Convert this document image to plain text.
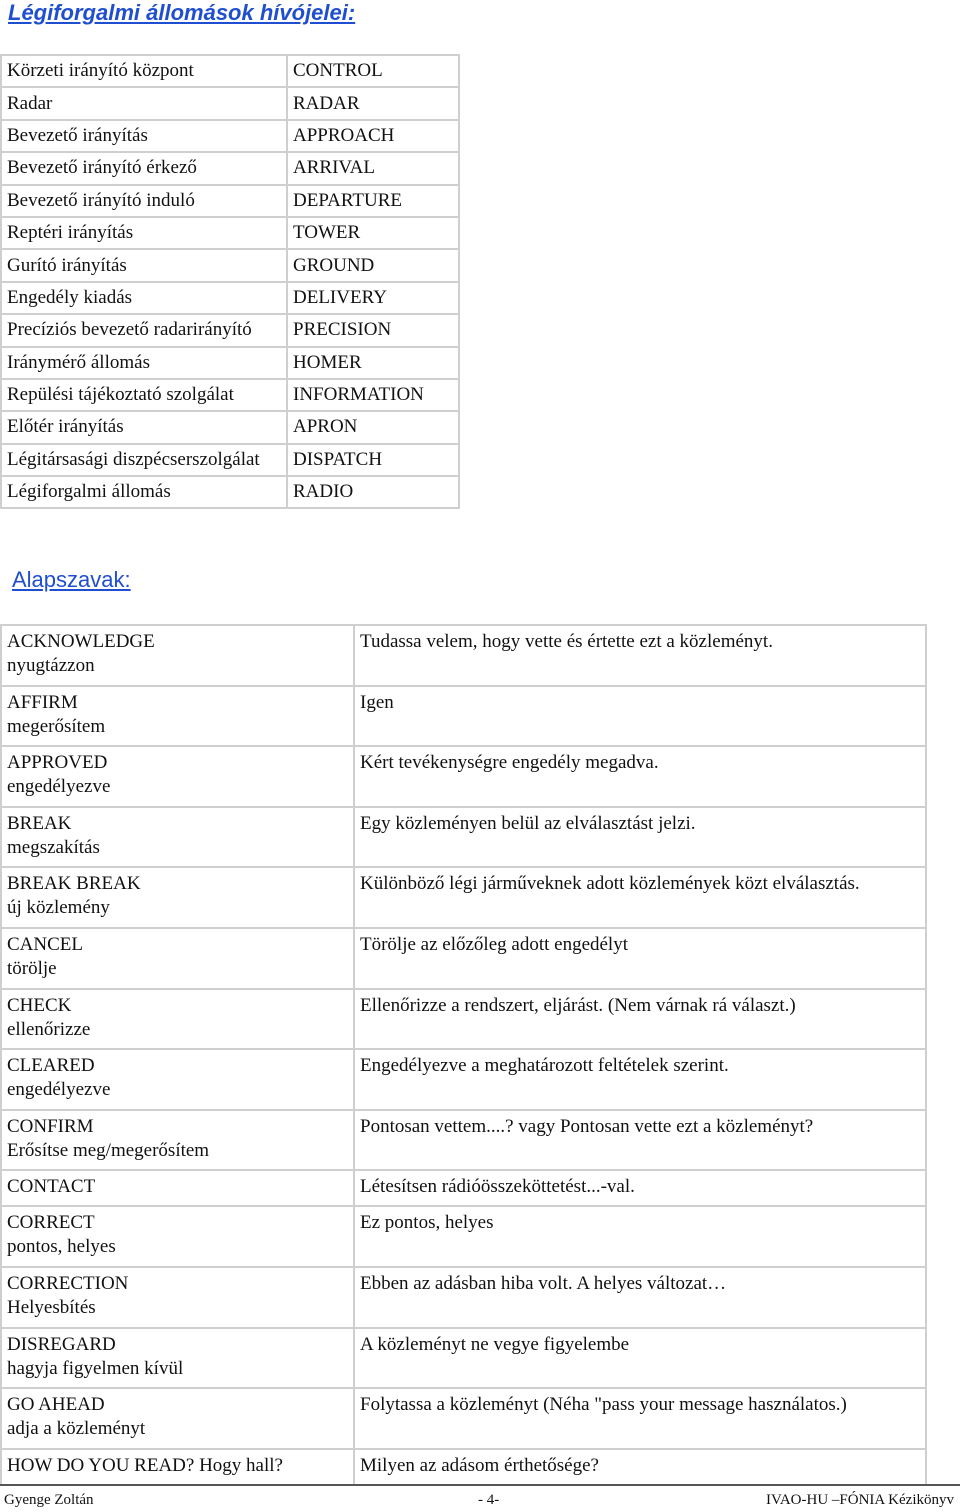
Légiforgalmi állomások hívójelei:
Körzeti irányító központ	CONTROL
Radar	RADAR
Bevezető irányítás	APPROACH
Bevezető irányító érkező	ARRIVAL
Bevezető irányító induló	DEPARTURE
Reptéri irányítás	TOWER
Gurító irányítás	GROUND
Engedély kiadás	DELIVERY
Precíziós bevezető radarirányító	PRECISION
Iránymérő állomás	HOMER
Repülési tájékoztató szolgálat	INFORMATION
Előtér irányítás	APRON
Légitársasági diszpécserszolgálat	DISPATCH
Légiforgalmi állomás	RADIO
Alapszavak:
ACKNOWLEDGE
nyugtázzon	Tudassa velem, hogy vette és értette ezt a közleményt.

AFFIRM
megerősítem	Igen

APPROVED
engedélyezve	Kért tevékenységre engedély megadva.

BREAK
megszakítás	Egy közleményen belül az elválasztást jelzi.

BREAK BREAK
új közlemény	Különböző légi járműveknek adott közlemények közt elválasztás.

CANCEL
törölje	Törölje az előzőleg adott engedélyt

CHECK
ellenőrizze	Ellenőrizze a rendszert, eljárást. (Nem várnak rá választ.)

CLEARED
engedélyezve	Engedélyezve a meghatározott feltételek szerint.

CONFIRM
Erősítse meg/megerősítem	Pontosan vettem....? vagy Pontosan vette ezt a közleményt?

CONTACT	Létesítsen rádióösszeköttetést...-val.

CORRECT
pontos, helyes	Ez pontos, helyes

CORRECTION
Helyesbítés	Ebben az adásban hiba volt. A helyes változat…

DISREGARD
hagyja figyelmen kívül	A közleményt ne vegye figyelembe

GO AHEAD
adja a közleményt	Folytassa a közleményt (Néha "pass your message használatos.)

HOW DO YOU READ? Hogy hall?	Milyen az adásom érthetősége?
Gyenge Zoltán	- 4-	IVAO-HU –FÓNIA Kézikönyv
